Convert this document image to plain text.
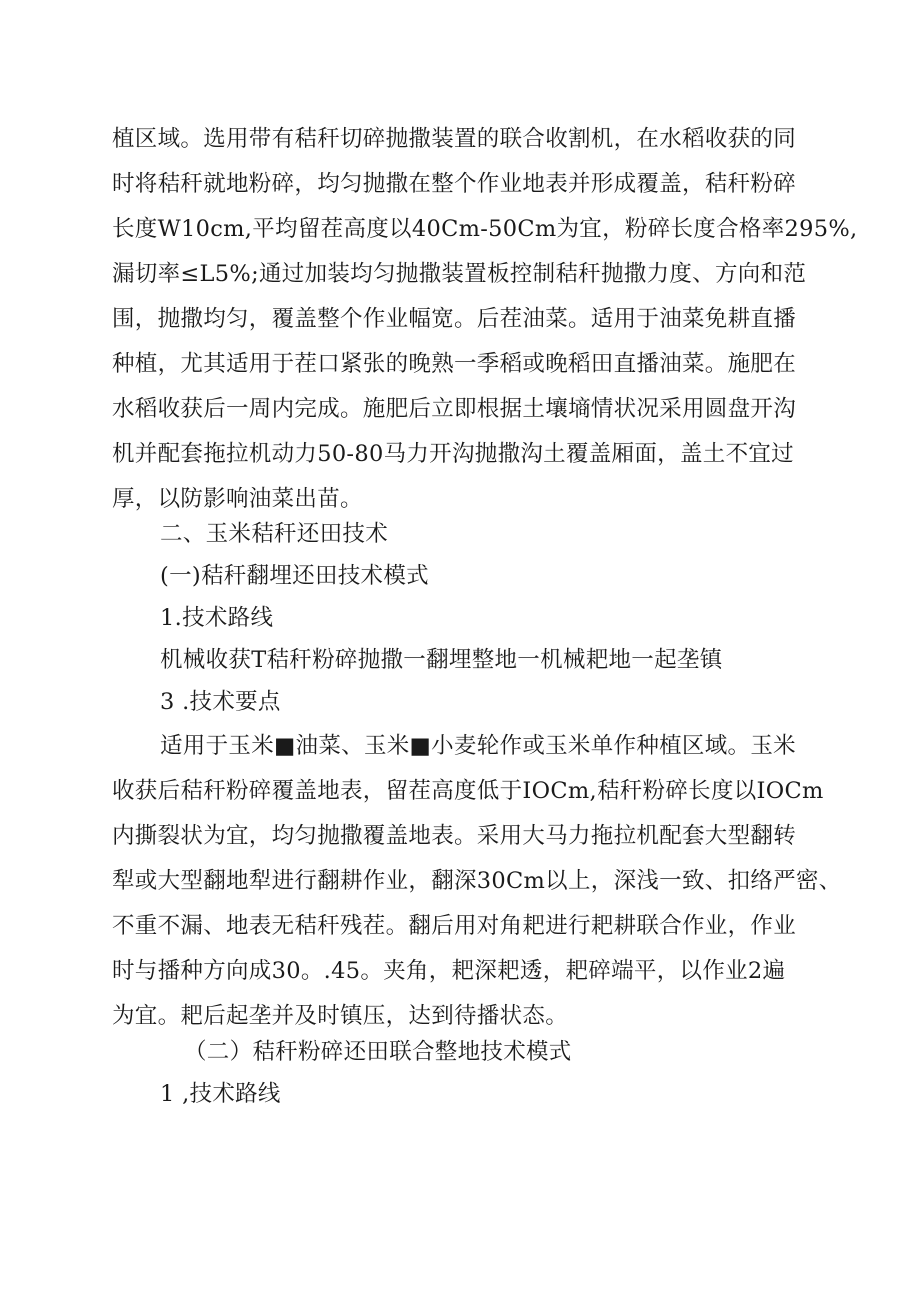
植区域。选用带有秸秆切碎抛撒装置的联合收割机，在水稻收获的同
时将秸秆就地粉碎，均匀抛撒在整个作业地表并形成覆盖，秸秆粉碎
长度W10cm,平均留茬高度以40Cm-50Cm为宜，粉碎长度合格率295%,
漏切率≤L5%;通过加装均匀抛撒装置板控制秸秆抛撒力度、方向和范
围，抛撒均匀，覆盖整个作业幅宽。后茬油菜。适用于油菜免耕直播
种植，尤其适用于茬口紧张的晚熟一季稻或晚稻田直播油菜。施肥在
水稻收获后一周内完成。施肥后立即根据土壤墒情状况采用圆盘开沟
机并配套拖拉机动力50-80马力开沟抛撒沟土覆盖厢面，盖土不宜过
厚，以防影响油菜出苗。
二、玉米秸秆还田技术
(一)秸秆翻埋还田技术模式
1.技术路线
机械收获T秸秆粉碎抛撒一翻埋整地一机械耙地一起垄镇
3 .技术要点
适用于玉米■油菜、玉米■小麦轮作或玉米单作种植区域。玉米
收获后秸秆粉碎覆盖地表，留茬高度低于IOCm,秸秆粉碎长度以IOCm
内撕裂状为宜，均匀抛撒覆盖地表。采用大马力拖拉机配套大型翻转
犁或大型翻地犁进行翻耕作业，翻深30Cm以上，深浅一致、扣络严密、
不重不漏、地表无秸秆残茬。翻后用对角耙进行耙耕联合作业，作业
时与播种方向成30。.45。夹角，耙深耙透，耙碎端平，以作业2遍
为宜。耙后起垄并及时镇压，达到待播状态。
（二）秸秆粉碎还田联合整地技术模式
1 ,技术路线
